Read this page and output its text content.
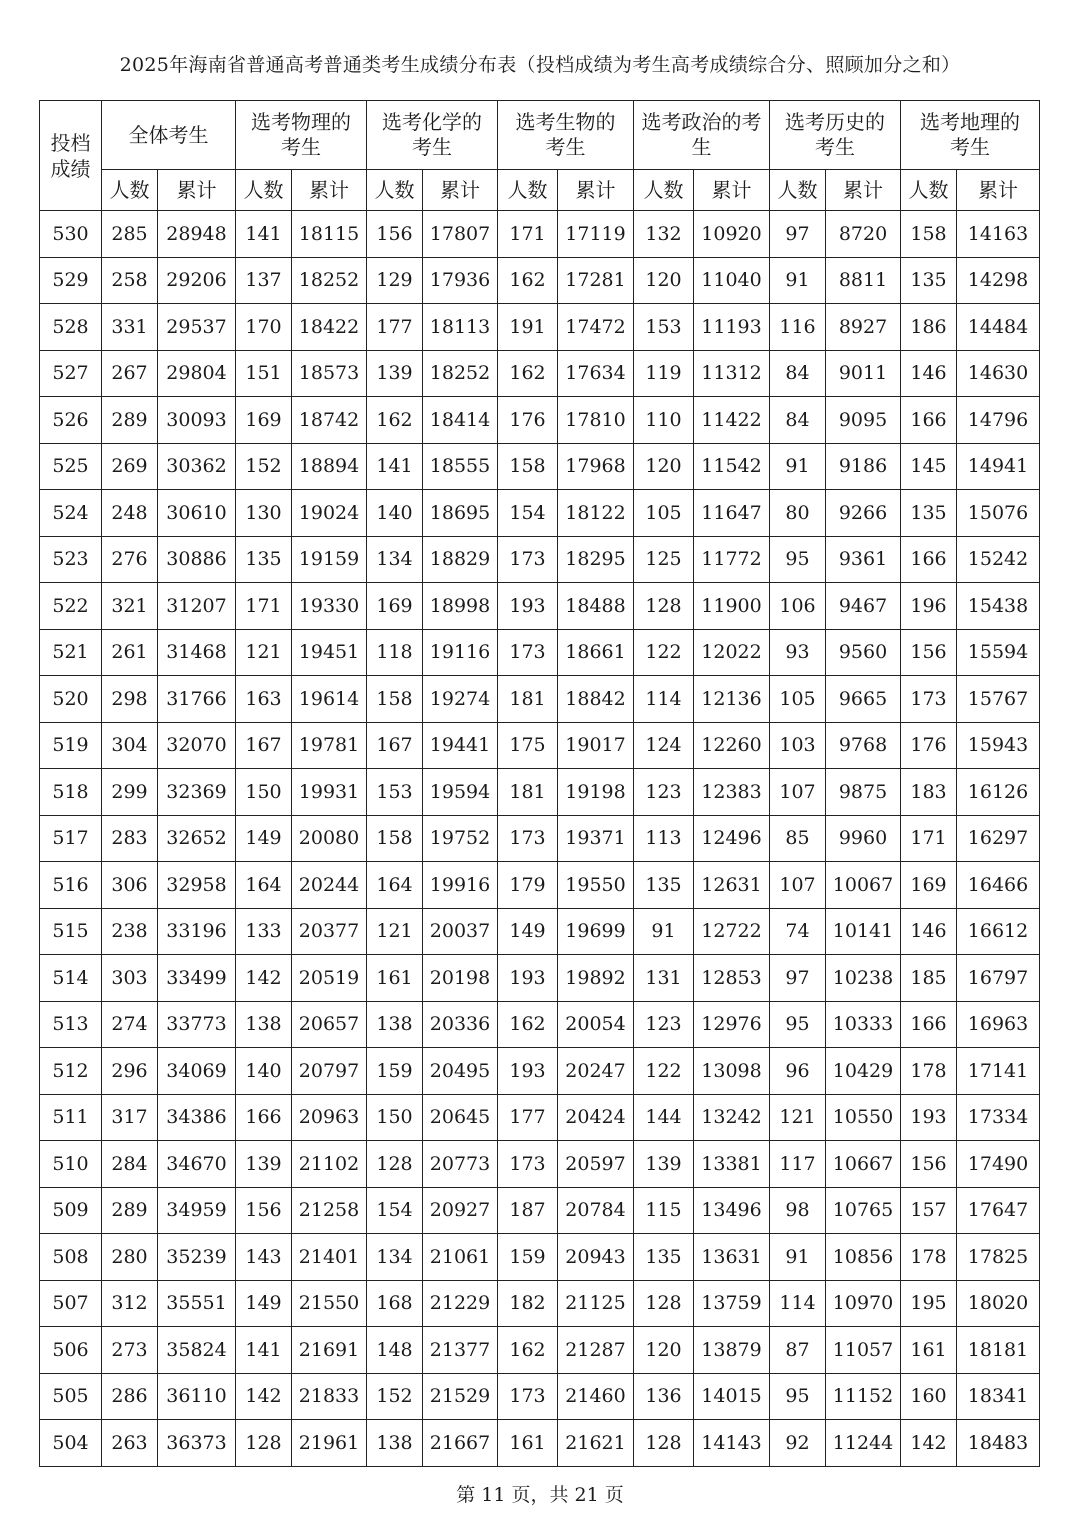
2025年海南省普通高考普通类考生成绩分布表（投档成绩为考生高考成绩综合分、照顾加分之和）
投档成绩	全体考生		选考物理的考生		选考化学的考生		选考生物的考生		选考政治的考生		选考历史的考生		选考地理的考生	
	人数	累计	人数	累计	人数	累计	人数	累计	人数	累计	人数	累计	人数	累计
530	285	28948	141	18115	156	17807	171	17119	132	10920	97	8720	158	14163
529	258	29206	137	18252	129	17936	162	17281	120	11040	91	8811	135	14298
528	331	29537	170	18422	177	18113	191	17472	153	11193	116	8927	186	14484
527	267	29804	151	18573	139	18252	162	17634	119	11312	84	9011	146	14630
526	289	30093	169	18742	162	18414	176	17810	110	11422	84	9095	166	14796
525	269	30362	152	18894	141	18555	158	17968	120	11542	91	9186	145	14941
524	248	30610	130	19024	140	18695	154	18122	105	11647	80	9266	135	15076
523	276	30886	135	19159	134	18829	173	18295	125	11772	95	9361	166	15242
522	321	31207	171	19330	169	18998	193	18488	128	11900	106	9467	196	15438
521	261	31468	121	19451	118	19116	173	18661	122	12022	93	9560	156	15594
520	298	31766	163	19614	158	19274	181	18842	114	12136	105	9665	173	15767
519	304	32070	167	19781	167	19441	175	19017	124	12260	103	9768	176	15943
518	299	32369	150	19931	153	19594	181	19198	123	12383	107	9875	183	16126
517	283	32652	149	20080	158	19752	173	19371	113	12496	85	9960	171	16297
516	306	32958	164	20244	164	19916	179	19550	135	12631	107	10067	169	16466
515	238	33196	133	20377	121	20037	149	19699	91	12722	74	10141	146	16612
514	303	33499	142	20519	161	20198	193	19892	131	12853	97	10238	185	16797
513	274	33773	138	20657	138	20336	162	20054	123	12976	95	10333	166	16963
512	296	34069	140	20797	159	20495	193	20247	122	13098	96	10429	178	17141
511	317	34386	166	20963	150	20645	177	20424	144	13242	121	10550	193	17334
510	284	34670	139	21102	128	20773	173	20597	139	13381	117	10667	156	17490
509	289	34959	156	21258	154	20927	187	20784	115	13496	98	10765	157	17647
508	280	35239	143	21401	134	21061	159	20943	135	13631	91	10856	178	17825
507	312	35551	149	21550	168	21229	182	21125	128	13759	114	10970	195	18020
506	273	35824	141	21691	148	21377	162	21287	120	13879	87	11057	161	18181
505	286	36110	142	21833	152	21529	173	21460	136	14015	95	11152	160	18341
504	263	36373	128	21961	138	21667	161	21621	128	14143	92	11244	142	18483
第 11 页，共 21 页
